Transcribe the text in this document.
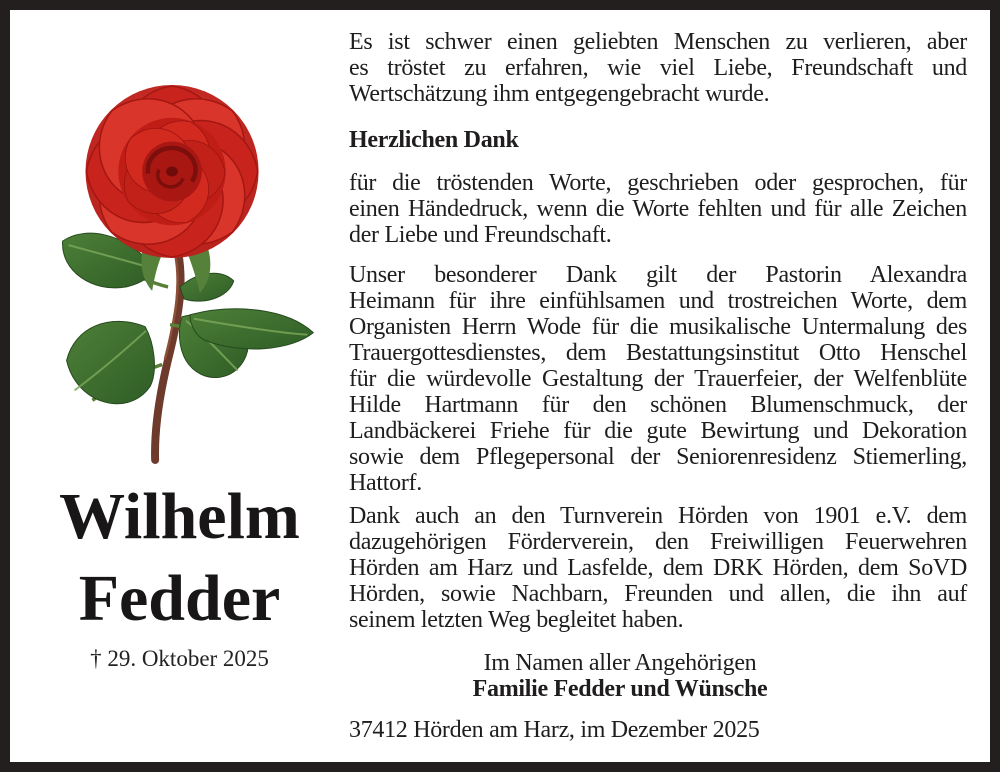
Wilhelm
Fedder
† 29. Oktober 2025

Es ist schwer einen geliebten Menschen zu verlieren, aber
es tröstet zu erfahren, wie viel Liebe, Freundschaft und
Wertschätzung ihm entgegengebracht wurde.

Herzlichen Dank

für die tröstenden Worte, geschrieben oder gesprochen, für
einen Händedruck, wenn die Worte fehlten und für alle Zeichen
der Liebe und Freundschaft.

Unser besonderer Dank gilt der Pastorin Alexandra
Heimann für ihre einfühlsamen und trostreichen Worte, dem
Organisten Herrn Wode für die musikalische Untermalung des
Trauergottesdienstes, dem Bestattungsinstitut Otto Henschel
für die würdevolle Gestaltung der Trauerfeier, der Welfenblüte
Hilde Hartmann für den schönen Blumenschmuck, der
Landbäckerei Friehe für die gute Bewirtung und Dekoration
sowie dem Pflegepersonal der Seniorenresidenz Stiemerling,
Hattorf.

Dank auch an den Turnverein Hörden von 1901 e.V. dem
dazugehörigen Förderverein, den Freiwilligen Feuerwehren
Hörden am Harz und Lasfelde, dem DRK Hörden, dem SoVD
Hörden, sowie Nachbarn, Freunden und allen, die ihn auf
seinem letzten Weg begleitet haben.

Im Namen aller Angehörigen
Familie Fedder und Wünsche
37412 Hörden am Harz, im Dezember 2025
